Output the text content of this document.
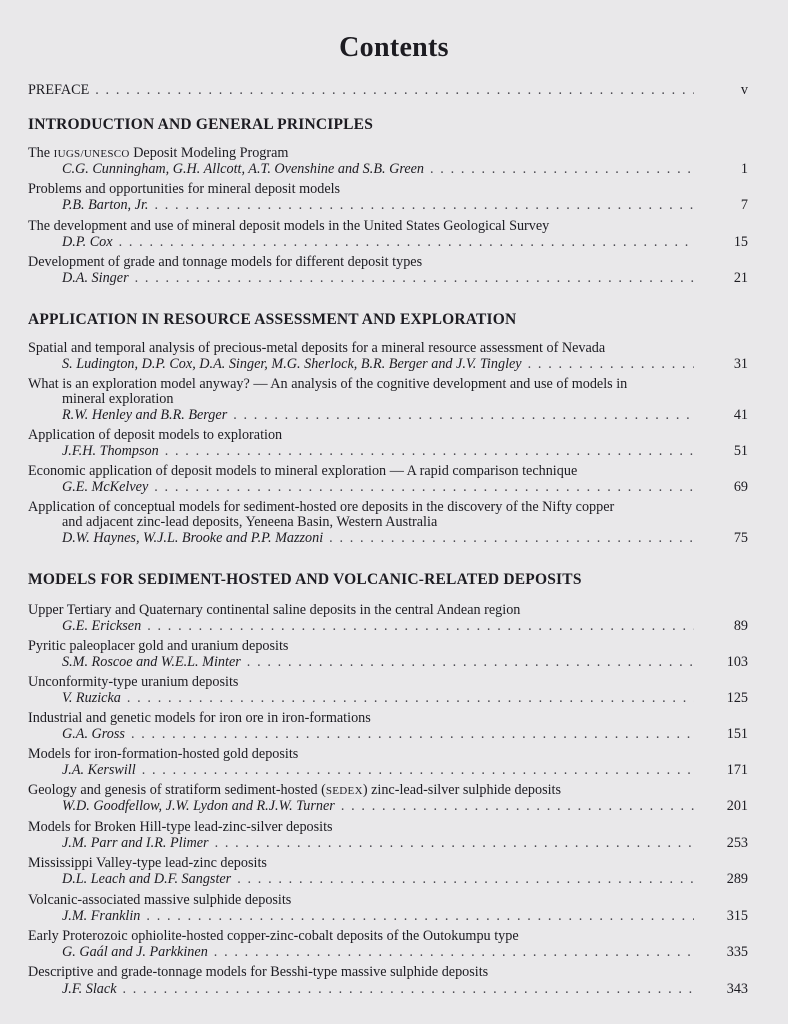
Contents
PREFACE . . .	v
INTRODUCTION AND GENERAL PRINCIPLES
The IUGS/UNESCO Deposit Modeling Program
C.G. Cunningham, G.H. Allcott, A.T. Ovenshine and S.B. Green . . .	1
Problems and opportunities for mineral deposit models
P.B. Barton, Jr. . . .	7
The development and use of mineral deposit models in the United States Geological Survey
D.P. Cox . . .	15
Development of grade and tonnage models for different deposit types
D.A. Singer . . .	21
APPLICATION IN RESOURCE ASSESSMENT AND EXPLORATION
Spatial and temporal analysis of precious-metal deposits for a mineral resource assessment of Nevada
S. Ludington, D.P. Cox, D.A. Singer, M.G. Sherlock, B.R. Berger and J.V. Tingley . . .	31
What is an exploration model anyway? — An analysis of the cognitive development and use of models in
mineral exploration
R.W. Henley and B.R. Berger . . .	41
Application of deposit models to exploration
J.F.H. Thompson . . .	51
Economic application of deposit models to mineral exploration — A rapid comparison technique
G.E. McKelvey . . .	69
Application of conceptual models for sediment-hosted ore deposits in the discovery of the Nifty copper
and adjacent zinc-lead deposits, Yeneena Basin, Western Australia
D.W. Haynes, W.J.L. Brooke and P.P. Mazzoni . . .	75
MODELS FOR SEDIMENT-HOSTED AND VOLCANIC-RELATED DEPOSITS
Upper Tertiary and Quaternary continental saline deposits in the central Andean region
G.E. Ericksen . . .	89
Pyritic paleoplacer gold and uranium deposits
S.M. Roscoe and W.E.L. Minter . . .	103
Unconformity-type uranium deposits
V. Ruzicka . . .	125
Industrial and genetic models for iron ore in iron-formations
G.A. Gross . . .	151
Models for iron-formation-hosted gold deposits
J.A. Kerswill . . .	171
Geology and genesis of stratiform sediment-hosted (SEDEX) zinc-lead-silver sulphide deposits
W.D. Goodfellow, J.W. Lydon and R.J.W. Turner . . .	201
Models for Broken Hill-type lead-zinc-silver deposits
J.M. Parr and I.R. Plimer . . .	253
Mississippi Valley-type lead-zinc deposits
D.L. Leach and D.F. Sangster . . .	289
Volcanic-associated massive sulphide deposits
J.M. Franklin . . .	315
Early Proterozoic ophiolite-hosted copper-zinc-cobalt deposits of the Outokumpu type
G. Gaál and J. Parkkinen . . .	335
Descriptive and grade-tonnage models for Besshi-type massive sulphide deposits
J.F. Slack . . .	343
